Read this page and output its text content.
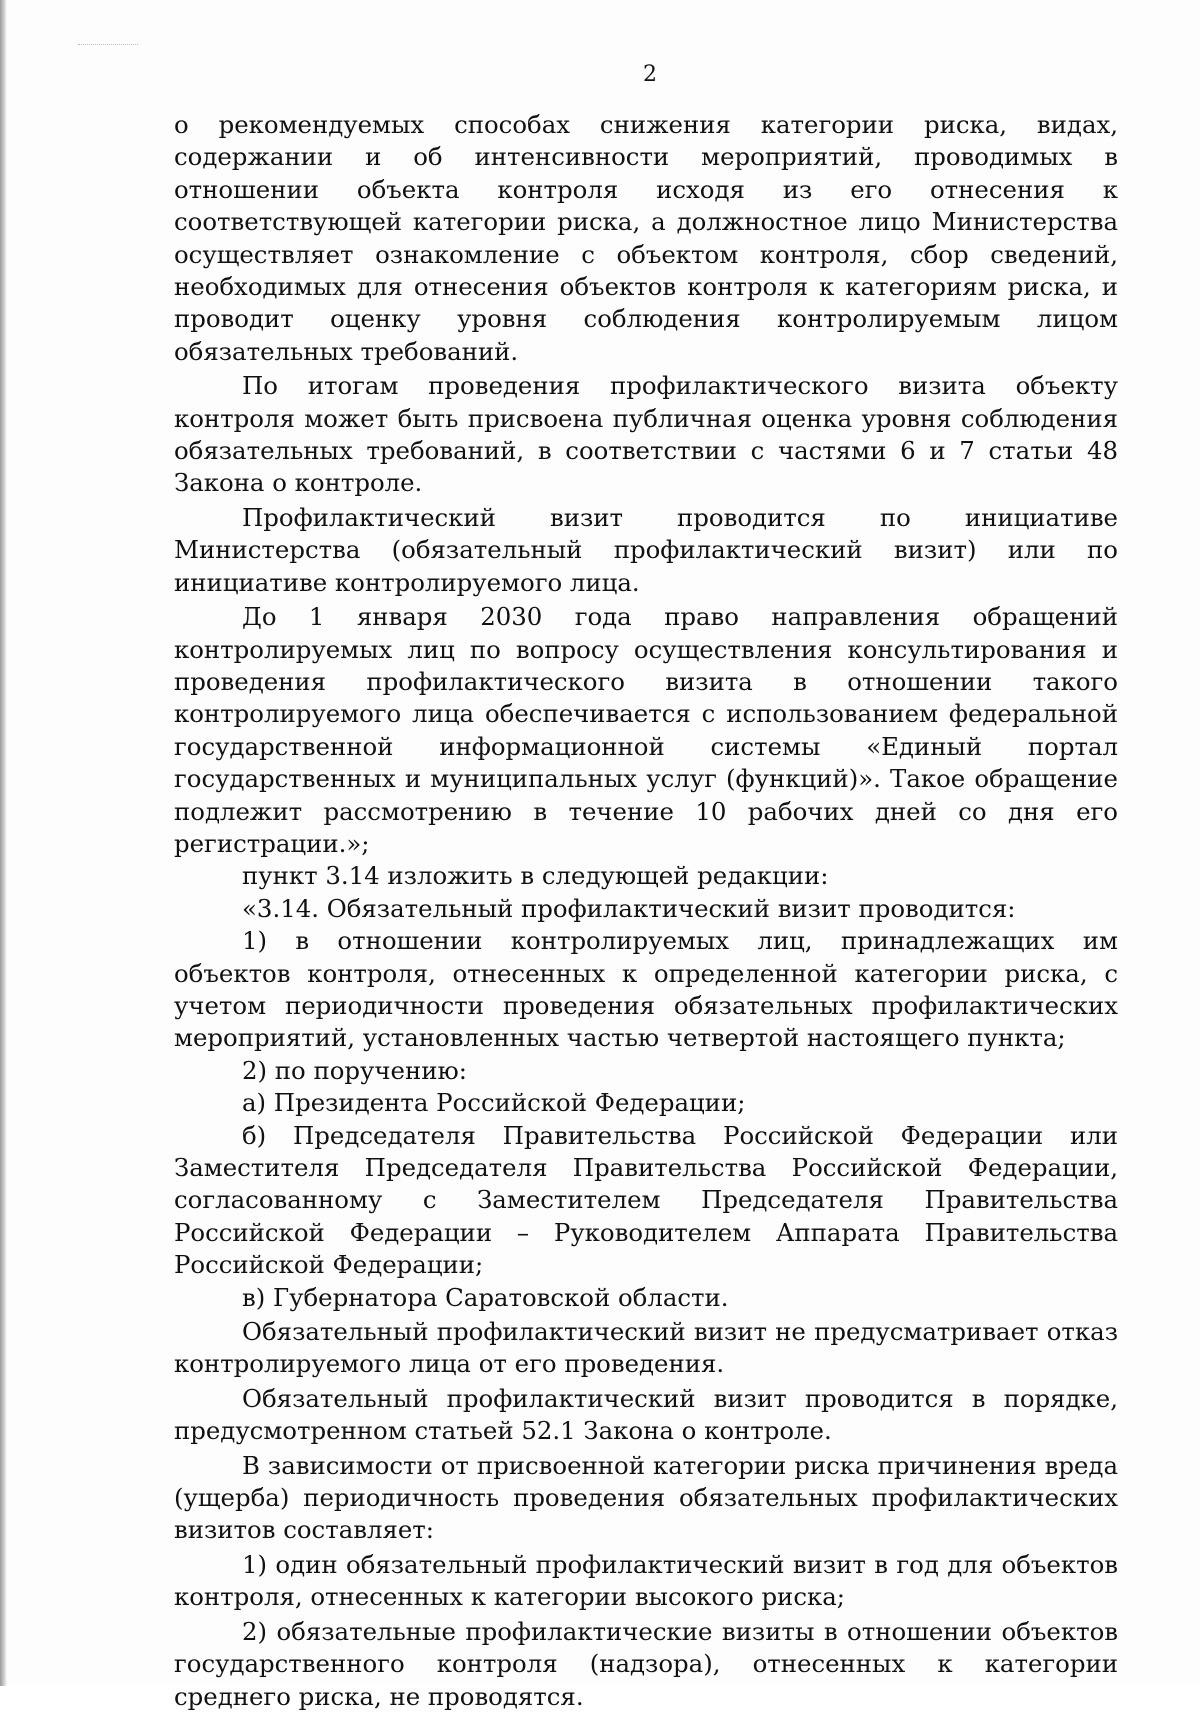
2

о рекомендуемых способах снижения категории риска, видах, содержании и об интенсивности мероприятий, проводимых в отношении объекта контроля исходя из его отнесения к соответствующей категории риска, а должностное лицо Министерства осуществляет ознакомление с объектом контроля, сбор сведений, необходимых для отнесения объектов контроля к категориям риска, и проводит оценку уровня соблюдения контролируемым лицом обязательных требований.

По итогам проведения профилактического визита объекту контроля может быть присвоена публичная оценка уровня соблюдения обязательных требований, в соответствии с частями 6 и 7 статьи 48 Закона о контроле.

Профилактический визит проводится по инициативе Министерства (обязательный профилактический визит) или по инициативе контролируемого лица.

До 1 января 2030 года право направления обращений контролируемых лиц по вопросу осуществления консультирования и проведения профилактического визита в отношении такого контролируемого лица обеспечивается с использованием федеральной государственной информационной системы «Единый портал государственных и муниципальных услуг (функций)». Такое обращение подлежит рассмотрению в течение 10 рабочих дней со дня его регистрации.»;

пункт 3.14 изложить в следующей редакции:

«3.14. Обязательный профилактический визит проводится:

1) в отношении контролируемых лиц, принадлежащих им объектов контроля, отнесенных к определенной категории риска, с учетом периодичности проведения обязательных профилактических мероприятий, установленных частью четвертой настоящего пункта;

2) по поручению:

а) Президента Российской Федерации;

б) Председателя Правительства Российской Федерации или Заместителя Председателя Правительства Российской Федерации, согласованному с Заместителем Председателя Правительства Российской Федерации – Руководителем Аппарата Правительства Российской Федерации;

в) Губернатора Саратовской области.

Обязательный профилактический визит не предусматривает отказ контролируемого лица от его проведения.

Обязательный профилактический визит проводится в порядке, предусмотренном статьей 52.1 Закона о контроле.

В зависимости от присвоенной категории риска причинения вреда (ущерба) периодичность проведения обязательных профилактических визитов составляет:

1) один обязательный профилактический визит в год для объектов контроля, отнесенных к категории высокого риска;

2) обязательные профилактические визиты в отношении объектов государственного контроля (надзора), отнесенных к категории среднего риска, не проводятся.
